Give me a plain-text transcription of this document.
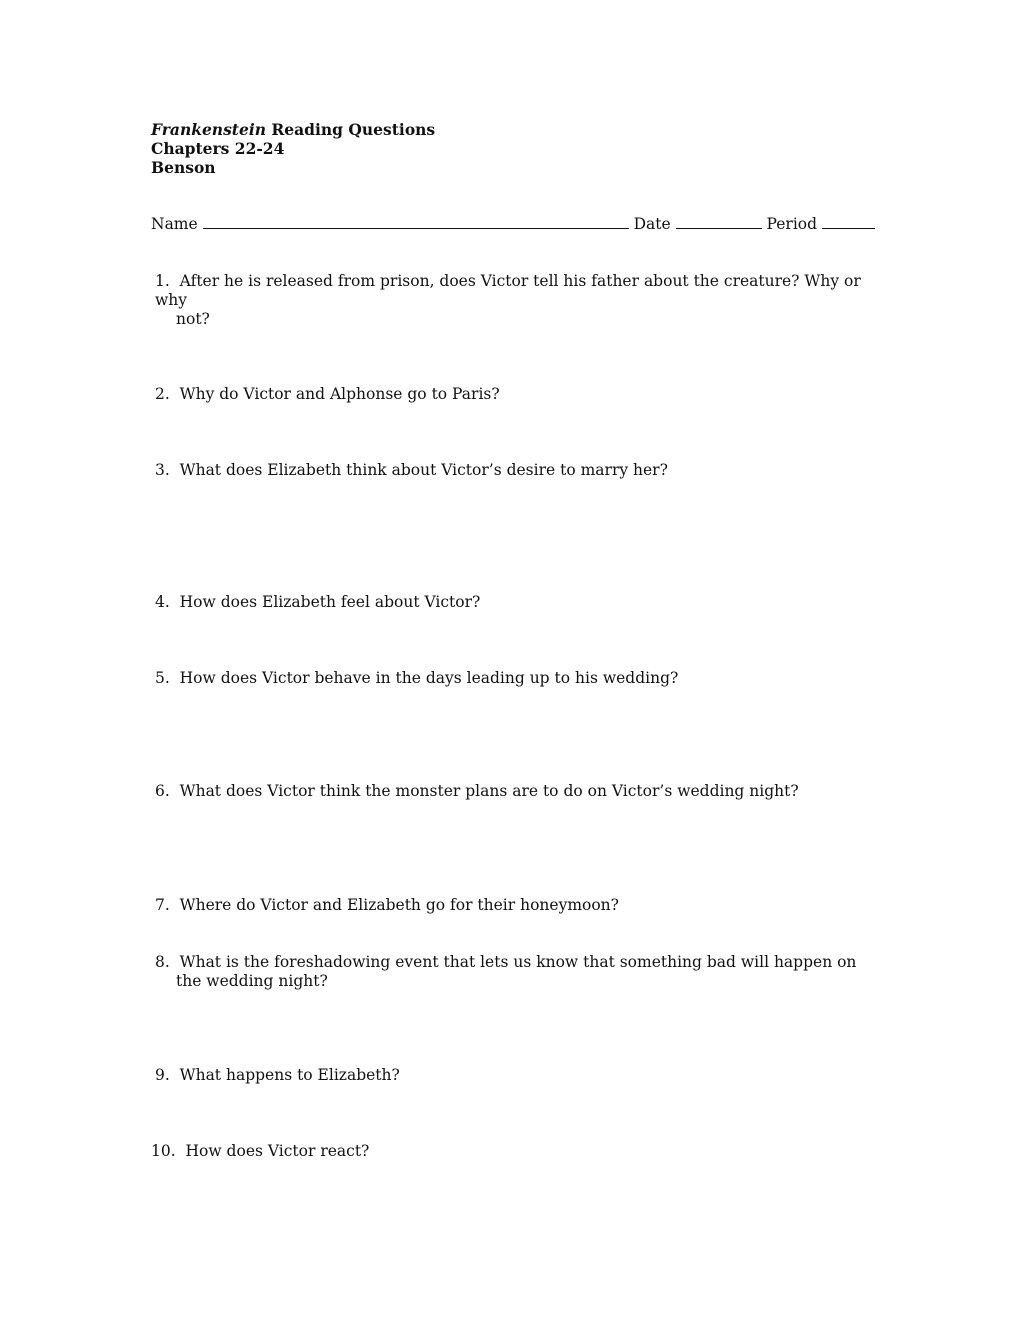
Frankenstein Reading Questions
Chapters 22-24
Benson
Name	Date	Period
1. After he is released from prison, does Victor tell his father about the creature? Why or why
not?
2. Why do Victor and Alphonse go to Paris?
3. What does Elizabeth think about Victor’s desire to marry her?
4. How does Elizabeth feel about Victor?
5. How does Victor behave in the days leading up to his wedding?
6. What does Victor think the monster plans are to do on Victor’s wedding night?
7. Where do Victor and Elizabeth go for their honeymoon?
8. What is the foreshadowing event that lets us know that something bad will happen on
the wedding night?
9. What happens to Elizabeth?
10. How does Victor react?
